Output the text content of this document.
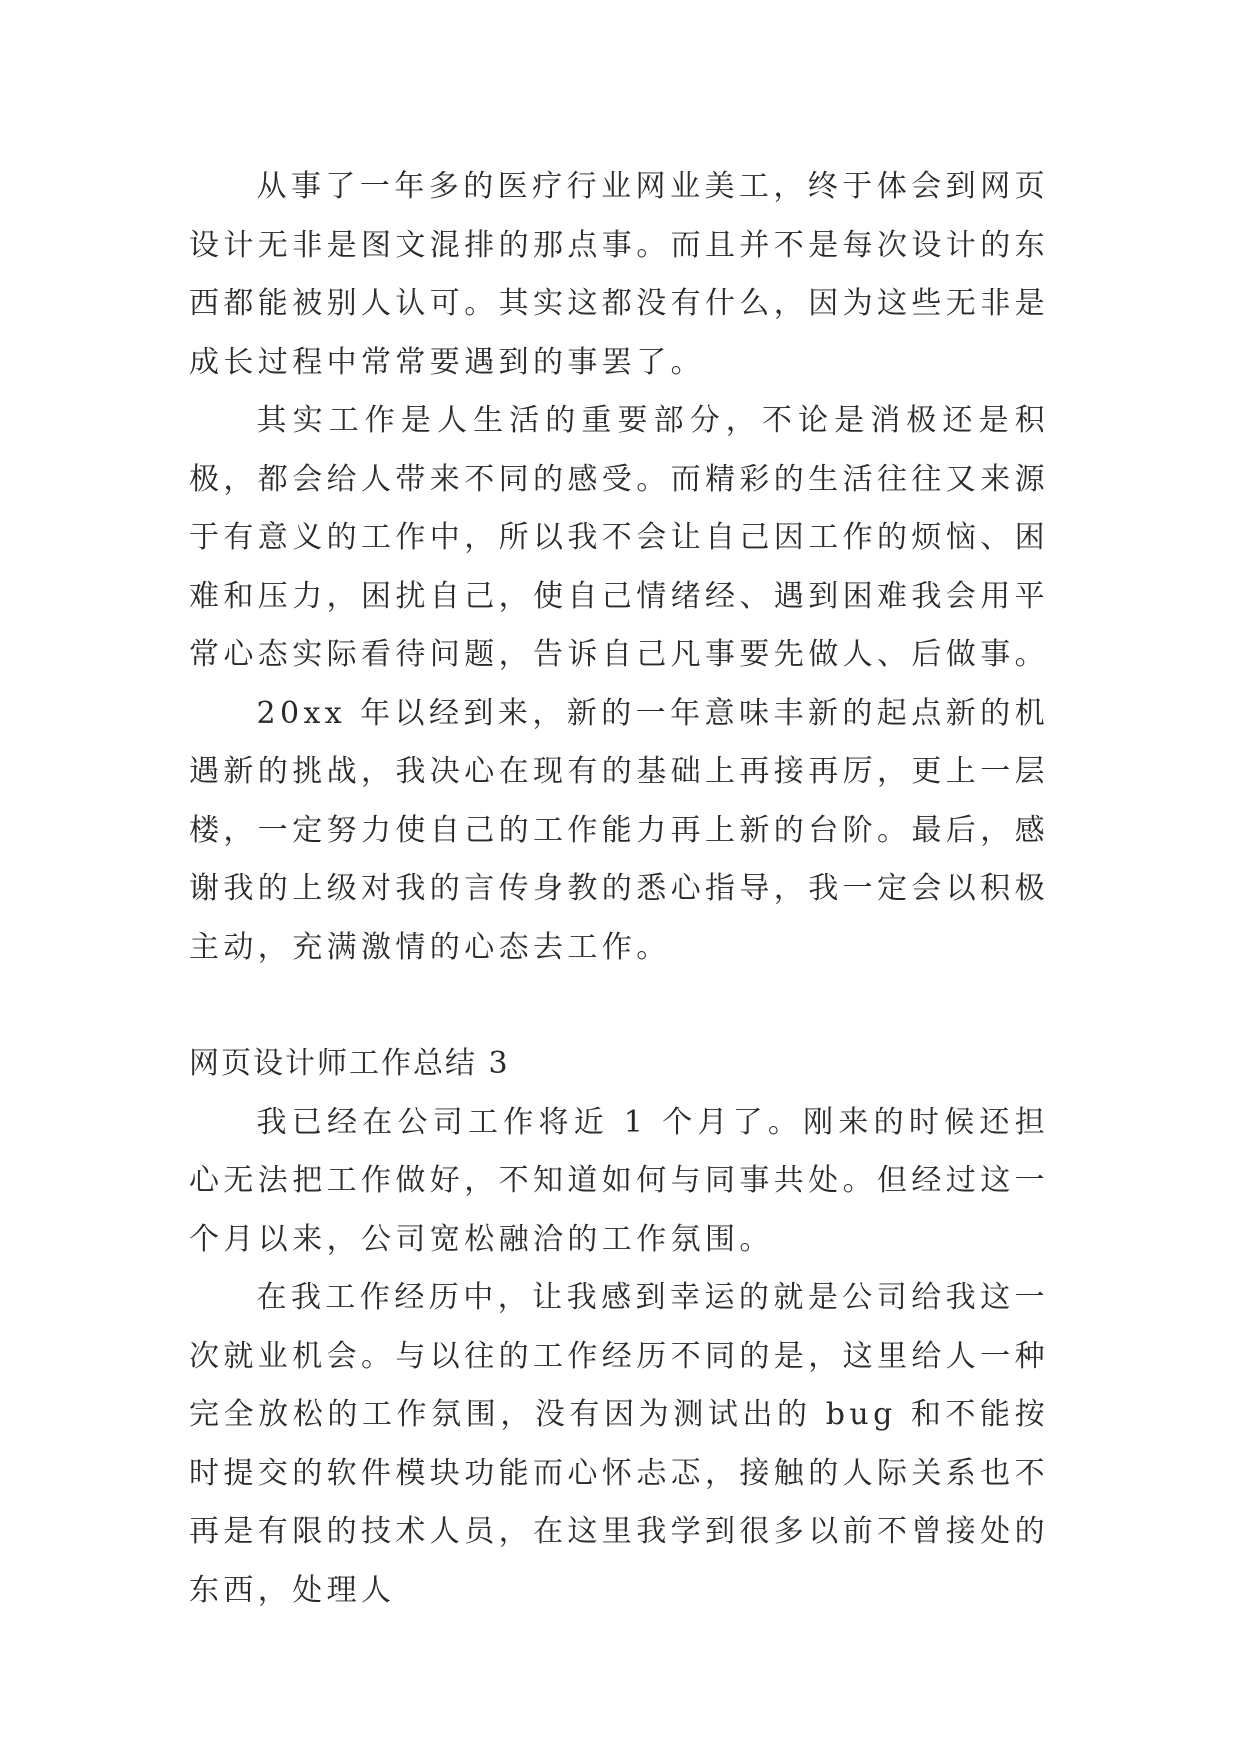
从事了一年多的医疗行业网业美工，终于体会到网页设计无非是图文混排的那点事。而且并不是每次设计的东西都能被别人认可。其实这都没有什么，因为这些无非是成长过程中常常要遇到的事罢了。

其实工作是人生活的重要部分，不论是消极还是积极，都会给人带来不同的感受。而精彩的生活往往又来源于有意义的工作中，所以我不会让自己因工作的烦恼、困难和压力，困扰自己，使自己情绪经、遇到困难我会用平常心态实际看待问题，告诉自己凡事要先做人、后做事。

20xx 年以经到来，新的一年意味丰新的起点新的机遇新的挑战，我决心在现有的基础上再接再厉，更上一层楼，一定努力使自己的工作能力再上新的台阶。最后，感谢我的上级对我的言传身教的悉心指导，我一定会以积极主动，充满激情的心态去工作。

网页设计师工作总结 3

我已经在公司工作将近 1 个月了。刚来的时候还担心无法把工作做好，不知道如何与同事共处。但经过这一个月以来，公司宽松融洽的工作氛围。

在我工作经历中，让我感到幸运的就是公司给我这一次就业机会。与以往的工作经历不同的是，这里给人一种完全放松的工作氛围，没有因为测试出的 bug 和不能按时提交的软件模块功能而心怀忐忑，接触的人际关系也不再是有限的技术人员，在这里我学到很多以前不曾接处的东西，处理人
